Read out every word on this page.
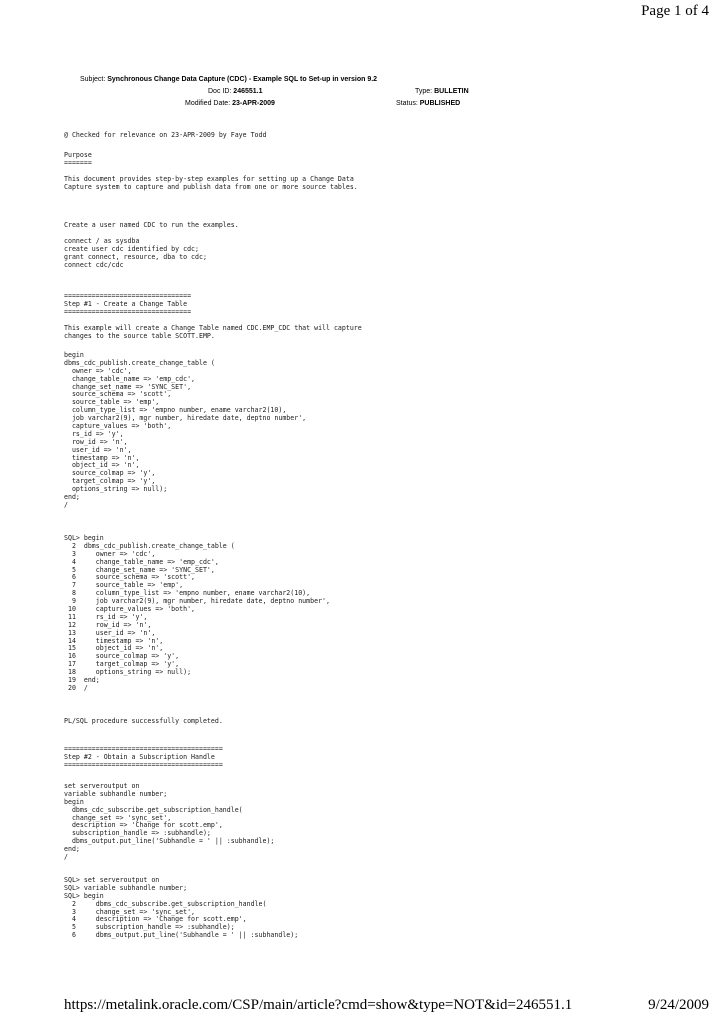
Page 1 of 4
Subject: Synchronous Change Data Capture (CDC) - Example SQL to Set-up in version 9.2
Doc ID: 246551.1	Type: BULLETIN
Modified Date: 23-APR-2009	Status: PUBLISHED
@ Checked for relevance on 23-APR-2009 by Faye Todd
Purpose
=======
This document provides step-by-step examples for setting up a Change Data
Capture system to capture and publish data from one or more source tables.
Create a user named CDC to run the examples.
connect / as sysdba
create user cdc identified by cdc;
grant connect, resource, dba to cdc;
connect cdc/cdc
================================
Step #1 - Create a Change Table
================================
This example will create a Change Table named CDC.EMP_CDC that will capture
changes to the source table SCOTT.EMP.
begin
dbms_cdc_publish.create_change_table (
owner => 'cdc',
change_table_name => 'emp_cdc',
change_set_name => 'SYNC_SET',
source_schema => 'scott',
source_table => 'emp',
column_type_list => 'empno number, ename varchar2(10),
job varchar2(9), mgr number, hiredate date, deptno number',
capture_values => 'both',
rs_id => 'y',
row_id => 'n',
user_id => 'n',
timestamp => 'n',
object_id => 'n',
source_colmap => 'y',
target_colmap => 'y',
options_string => null);
end;
/
SQL> begin
2  dbms_cdc_publish.create_change_table (
3     owner => 'cdc',
4     change_table_name => 'emp_cdc',
5     change_set_name => 'SYNC_SET',
6     source_schema => 'scott',
7     source_table => 'emp',
8     column_type_list => 'empno number, ename varchar2(10),
9     job varchar2(9), mgr number, hiredate date, deptno number',
10     capture_values => 'both',
11     rs_id => 'y',
12     row_id => 'n',
13     user_id => 'n',
14     timestamp => 'n',
15     object_id => 'n',
16     source_colmap => 'y',
17     target_colmap => 'y',
18     options_string => null);
19  end;
20  /
PL/SQL procedure successfully completed.
========================================
Step #2 - Obtain a Subscription Handle
========================================
set serveroutput on
variable subhandle number;
begin
dbms_cdc_subscribe.get_subscription_handle(
change_set => 'sync_set',
description => 'Change for scott.emp',
subscription_handle => :subhandle);
dbms_output.put_line('Subhandle = ' || :subhandle);
end;
/
SQL> set serveroutput on
SQL> variable subhandle number;
SQL> begin
2     dbms_cdc_subscribe.get_subscription_handle(
3     change_set => 'sync_set',
4     description => 'Change for scott.emp',
5     subscription_handle => :subhandle);
6     dbms_output.put_line('Subhandle = ' || :subhandle);
https://metalink.oracle.com/CSP/main/article?cmd=show&type=NOT&id=246551.1	9/24/2009
